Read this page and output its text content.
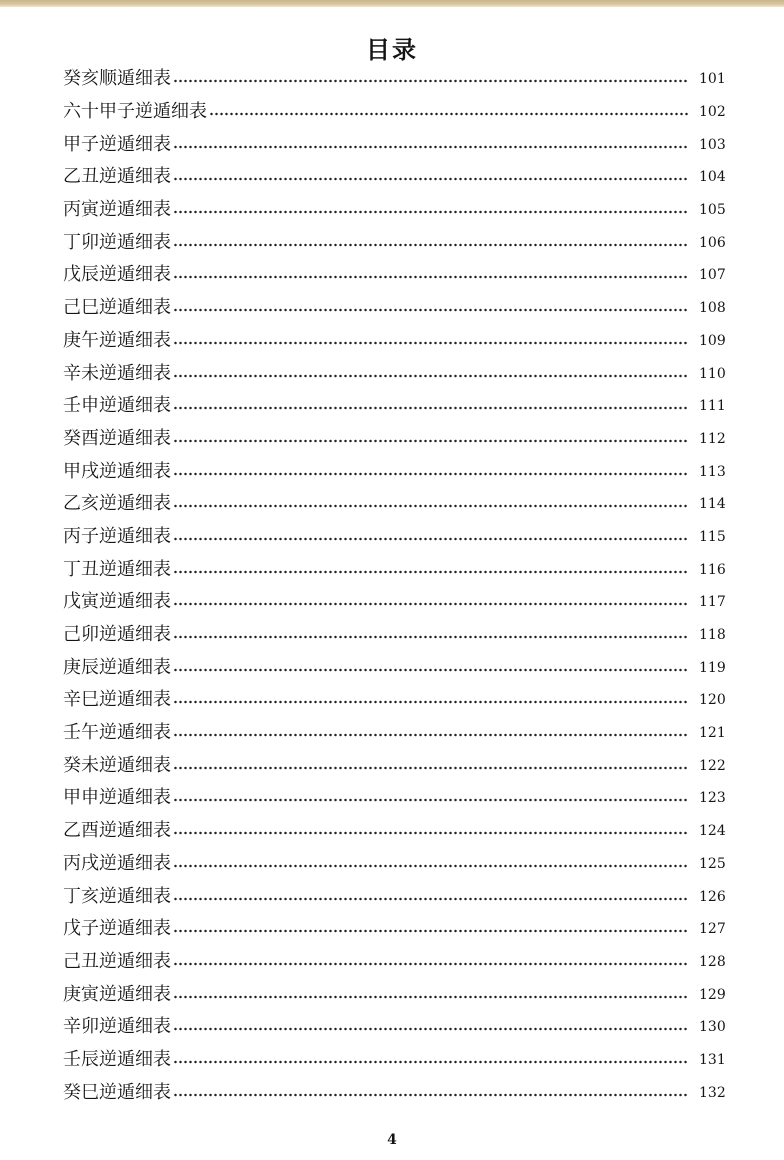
目录
癸亥顺遁细表	101
六十甲子逆遁细表	102
甲子逆遁细表	103
乙丑逆遁细表	104
丙寅逆遁细表	105
丁卯逆遁细表	106
戊辰逆遁细表	107
己巳逆遁细表	108
庚午逆遁细表	109
辛未逆遁细表	110
壬申逆遁细表	111
癸酉逆遁细表	112
甲戌逆遁细表	113
乙亥逆遁细表	114
丙子逆遁细表	115
丁丑逆遁细表	116
戊寅逆遁细表	117
己卯逆遁细表	118
庚辰逆遁细表	119
辛巳逆遁细表	120
壬午逆遁细表	121
癸未逆遁细表	122
甲申逆遁细表	123
乙酉逆遁细表	124
丙戌逆遁细表	125
丁亥逆遁细表	126
戊子逆遁细表	127
己丑逆遁细表	128
庚寅逆遁细表	129
辛卯逆遁细表	130
壬辰逆遁细表	131
癸巳逆遁细表	132
4
